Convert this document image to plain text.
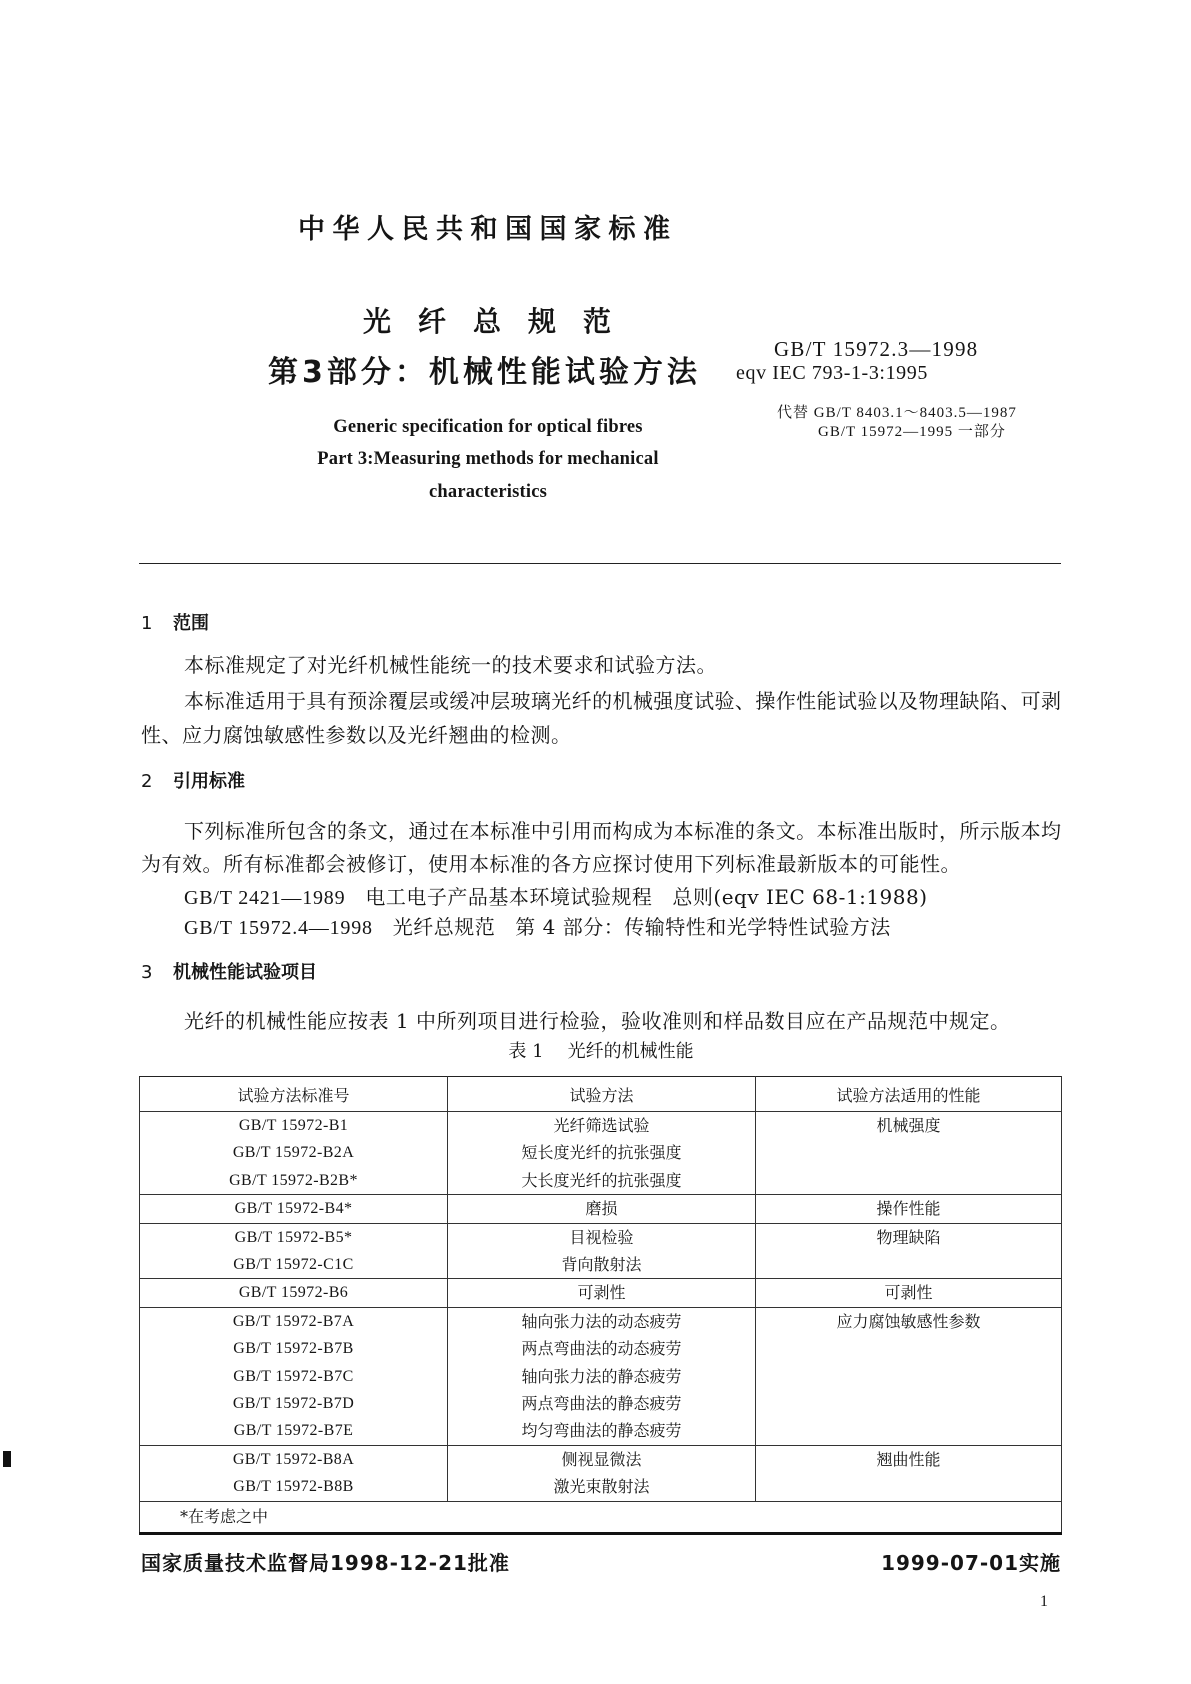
中华人民共和国国家标准
光纤总规范
第3部分：机械性能试验方法
GB/T 15972.3—1998
eqv IEC 793-1-3:1995
代替 GB/T 8403.1～8403.5—1987
GB/T 15972—1995 一部分
Generic specification for optical fibres
Part 3:Measuring methods for mechanical
characteristics
1 范围
本标准规定了对光纤机械性能统一的技术要求和试验方法。
本标准适用于具有预涂覆层或缓冲层玻璃光纤的机械强度试验、操作性能试验以及物理缺陷、可剥
性、应力腐蚀敏感性参数以及光纤翘曲的检测。
2 引用标准
下列标准所包含的条文，通过在本标准中引用而构成为本标准的条文。本标准出版时，所示版本均
为有效。所有标准都会被修订，使用本标准的各方应探讨使用下列标准最新版本的可能性。
GB/T 2421—1989 电工电子产品基本环境试验规程 总则(eqv IEC 68-1:1988)
GB/T 15972.4—1998 光纤总规范 第 4 部分：传输特性和光学特性试验方法
3 机械性能试验项目
光纤的机械性能应按表 1 中所列项目进行检验，验收准则和样品数目应在产品规范中规定。
表 1 光纤的机械性能
试验方法标准号	试验方法	试验方法适用的性能
GB/T 15972-B1	光纤筛选试验	机械强度
GB/T 15972-B2A	短长度光纤的抗张强度	
GB/T 15972-B2B*	大长度光纤的抗张强度	
GB/T 15972-B4*	磨损	操作性能
GB/T 15972-B5*	目视检验	物理缺陷
GB/T 15972-C1C	背向散射法	
GB/T 15972-B6	可剥性	可剥性
GB/T 15972-B7A	轴向张力法的动态疲劳	应力腐蚀敏感性参数
GB/T 15972-B7B	两点弯曲法的动态疲劳	
GB/T 15972-B7C	轴向张力法的静态疲劳	
GB/T 15972-B7D	两点弯曲法的静态疲劳	
GB/T 15972-B7E	均匀弯曲法的静态疲劳	
GB/T 15972-B8A	侧视显微法	翘曲性能
GB/T 15972-B8B	激光束散射法	
*在考虑之中		
国家质量技术监督局1998-12-21批准	1999-07-01实施
1
